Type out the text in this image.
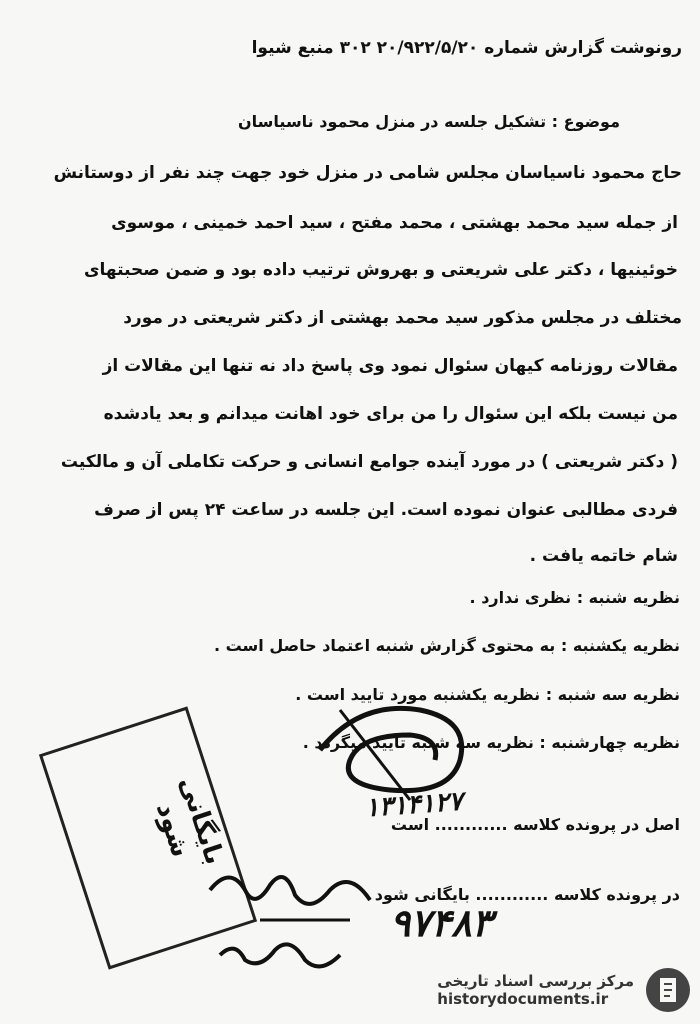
رونوشت گزارش شماره ۲۰/۹۲۲/۵/۲۰ ۳۰۲ منبع شیوا
موضوع : تشکیل جلسه در منزل محمود ناسیاسان
حاج محمود ناسیاسان مجلس شامی در منزل خود جهت چند نفر از دوستانش
از جمله سید محمد بهشتی ، محمد مفتح ، سید احمد خمینی ، موسوی
خوئینیها ، دکتر علی شریعتی و بهروش ترتیب داده بود و ضمن صحبتهای
مختلف در مجلس مذکور سید محمد بهشتی از دکتر شریعتی در مورد
مقالات روزنامه کیهان سئوال نمود وی پاسخ داد نه تنها این مقالات از
من نیست بلکه این سئوال را من برای خود اهانت میدانم و بعد یادشده
( دکتر شریعتی ) در مورد آینده جوامع انسانی و حرکت تکاملی آن و مالکیت
فردی مطالبی عنوان نموده است. این جلسه در ساعت ۲۴ پس از صرف
شام خاتمه یافت .
نظریه شنبه : نظری ندارد .
نظریه یکشنبه : به محتوی گزارش شنبه اعتماد حاصل است .
نظریه سه شنبه : نظریه یکشنبه مورد تایید است .
نظریه چهارشنبه : نظریه سه شنبه تایید میگردد .
بایگانی شود	اصل در پرونده کلاسه ............ است
۱۳۱۴۱۲۷
در پرونده کلاسه ............ بایگانی شود
۹۷۴۸۳
مرکز بررسی اسناد تاریخی
historydocuments.ir
